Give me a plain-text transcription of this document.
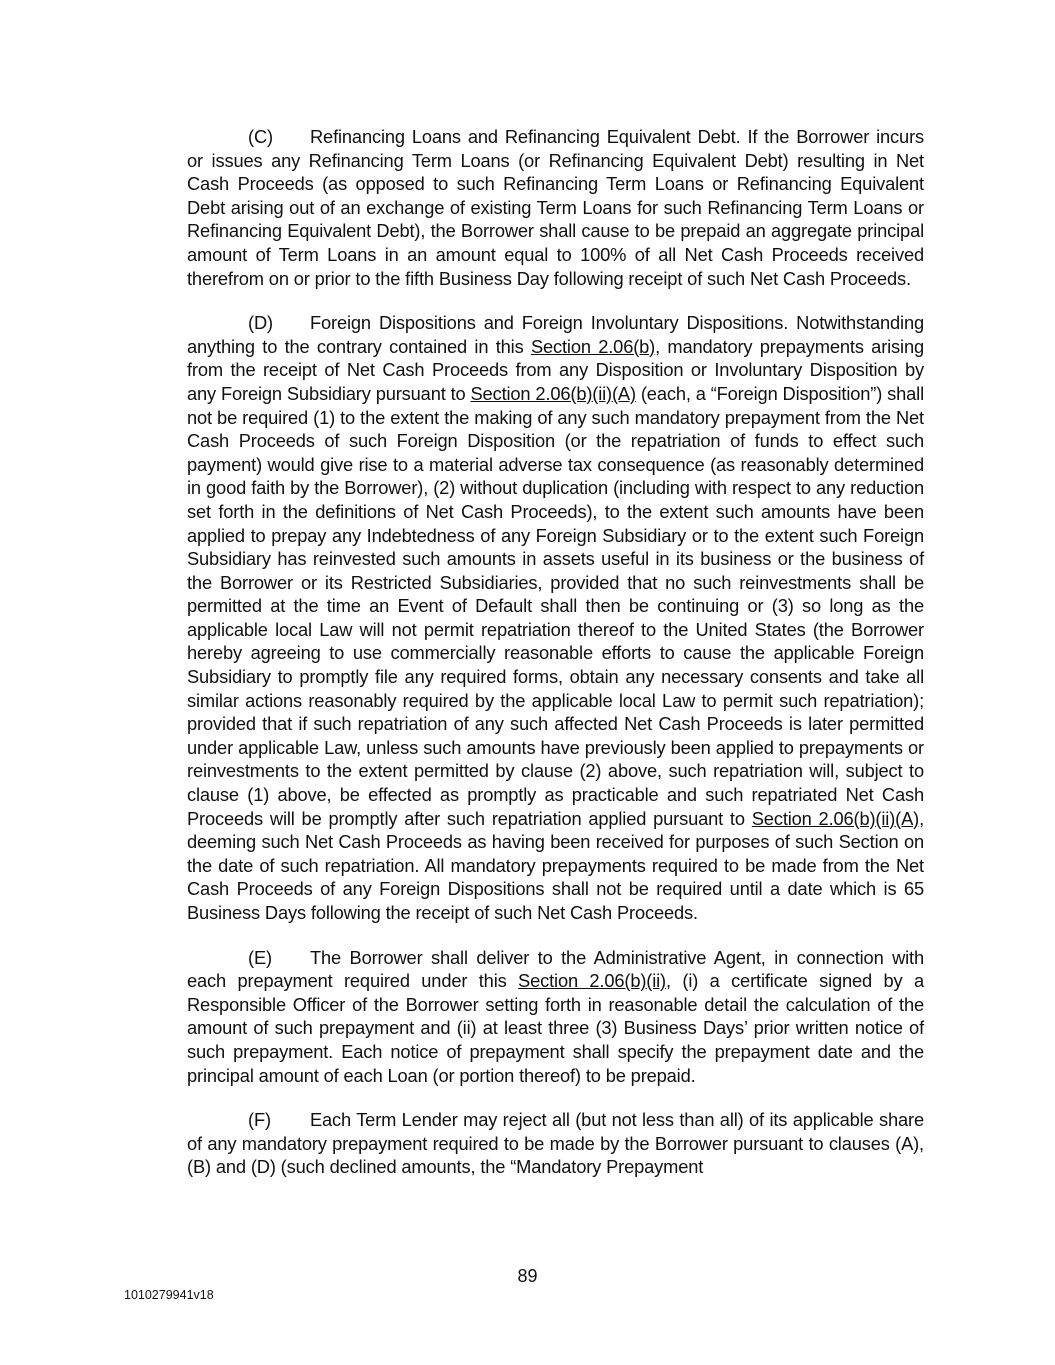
(C) Refinancing Loans and Refinancing Equivalent Debt. If the Borrower incurs or issues any Refinancing Term Loans (or Refinancing Equivalent Debt) resulting in Net Cash Proceeds (as opposed to such Refinancing Term Loans or Refinancing Equivalent Debt arising out of an exchange of existing Term Loans for such Refinancing Term Loans or Refinancing Equivalent Debt), the Borrower shall cause to be prepaid an aggregate principal amount of Term Loans in an amount equal to 100% of all Net Cash Proceeds received therefrom on or prior to the fifth Business Day following receipt of such Net Cash Proceeds.

(D) Foreign Dispositions and Foreign Involuntary Dispositions. Notwithstanding anything to the contrary contained in this Section 2.06(b), mandatory prepayments arising from the receipt of Net Cash Proceeds from any Disposition or Involuntary Disposition by any Foreign Subsidiary pursuant to Section 2.06(b)(ii)(A) (each, a “Foreign Disposition”) shall not be required (1) to the extent the making of any such mandatory prepayment from the Net Cash Proceeds of such Foreign Disposition (or the repatriation of funds to effect such payment) would give rise to a material adverse tax consequence (as reasonably determined in good faith by the Borrower), (2) without duplication (including with respect to any reduction set forth in the definitions of Net Cash Proceeds), to the extent such amounts have been applied to prepay any Indebtedness of any Foreign Subsidiary or to the extent such Foreign Subsidiary has reinvested such amounts in assets useful in its business or the business of the Borrower or its Restricted Subsidiaries, provided that no such reinvestments shall be permitted at the time an Event of Default shall then be continuing or (3) so long as the applicable local Law will not permit repatriation thereof to the United States (the Borrower hereby agreeing to use commercially reasonable efforts to cause the applicable Foreign Subsidiary to promptly file any required forms, obtain any necessary consents and take all similar actions reasonably required by the applicable local Law to permit such repatriation); provided that if such repatriation of any such affected Net Cash Proceeds is later permitted under applicable Law, unless such amounts have previously been applied to prepayments or reinvestments to the extent permitted by clause (2) above, such repatriation will, subject to clause (1) above, be effected as promptly as practicable and such repatriated Net Cash Proceeds will be promptly after such repatriation applied pursuant to Section 2.06(b)(ii)(A), deeming such Net Cash Proceeds as having been received for purposes of such Section on the date of such repatriation. All mandatory prepayments required to be made from the Net Cash Proceeds of any Foreign Dispositions shall not be required until a date which is 65 Business Days following the receipt of such Net Cash Proceeds.

(E) The Borrower shall deliver to the Administrative Agent, in connection with each prepayment required under this Section 2.06(b)(ii), (i) a certificate signed by a Responsible Officer of the Borrower setting forth in reasonable detail the calculation of the amount of such prepayment and (ii) at least three (3) Business Days’ prior written notice of such prepayment. Each notice of prepayment shall specify the prepayment date and the principal amount of each Loan (or portion thereof) to be prepaid.

(F) Each Term Lender may reject all (but not less than all) of its applicable share of any mandatory prepayment required to be made by the Borrower pursuant to clauses (A), (B) and (D) (such declined amounts, the “Mandatory Prepayment

89
1010279941v18
